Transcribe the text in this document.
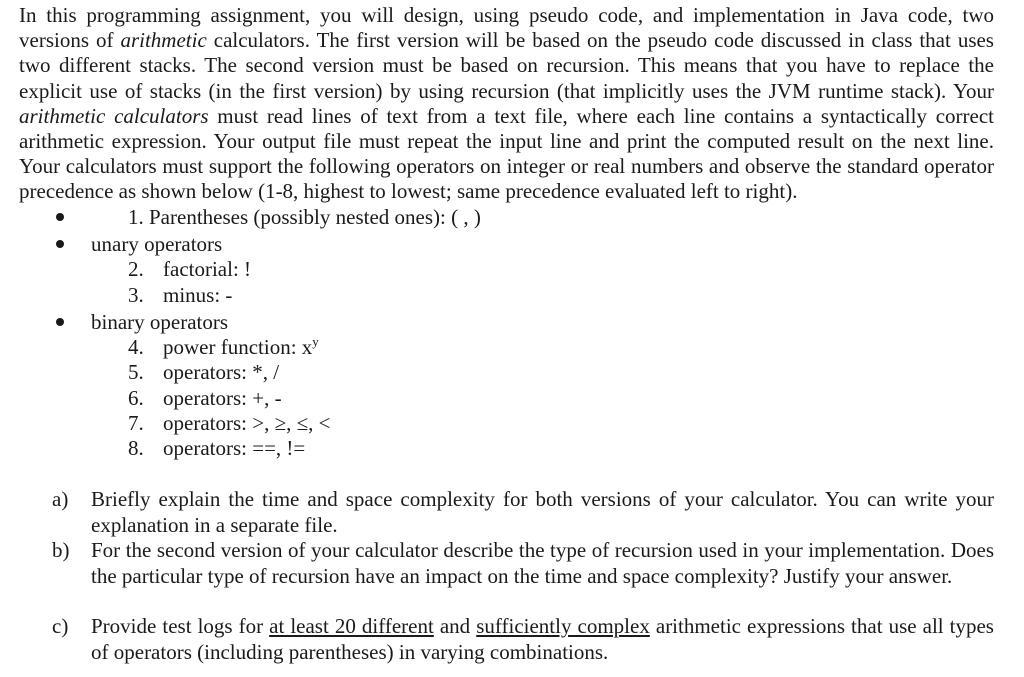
In this programming assignment, you will design, using pseudo code, and implementation in Java code, two versions of arithmetic calculators. The first version will be based on the pseudo code discussed in class that uses two different stacks. The second version must be based on recursion. This means that you have to replace the explicit use of stacks (in the first version) by using recursion (that implicitly uses the JVM runtime stack). Your arithmetic calculators must read lines of text from a text file, where each line contains a syntactically correct arithmetic expression. Your output file must repeat the input line and print the computed result on the next line. Your calculators must support the following operators on integer or real numbers and observe the standard operator precedence as shown below (1-8, highest to lowest; same precedence evaluated left to right).

1. Parentheses (possibly nested ones): ( , )
unary operators
2. factorial: !
3. minus: -
binary operators
4. power function: $x^y$
5. operators: *, /
6. operators: +, -
7. operators: >, ≥, ≤, <
8. operators: ==, !=
a) Briefly explain the time and space complexity for both versions of your calculator. You can write your explanation in a separate file.

b) For the second version of your calculator describe the type of recursion used in your implementation. Does the particular type of recursion have an impact on the time and space complexity? Justify your answer.

c) Provide test logs for at least 20 different and sufficiently complex arithmetic expressions that use all types of operators (including parentheses) in varying combinations.
